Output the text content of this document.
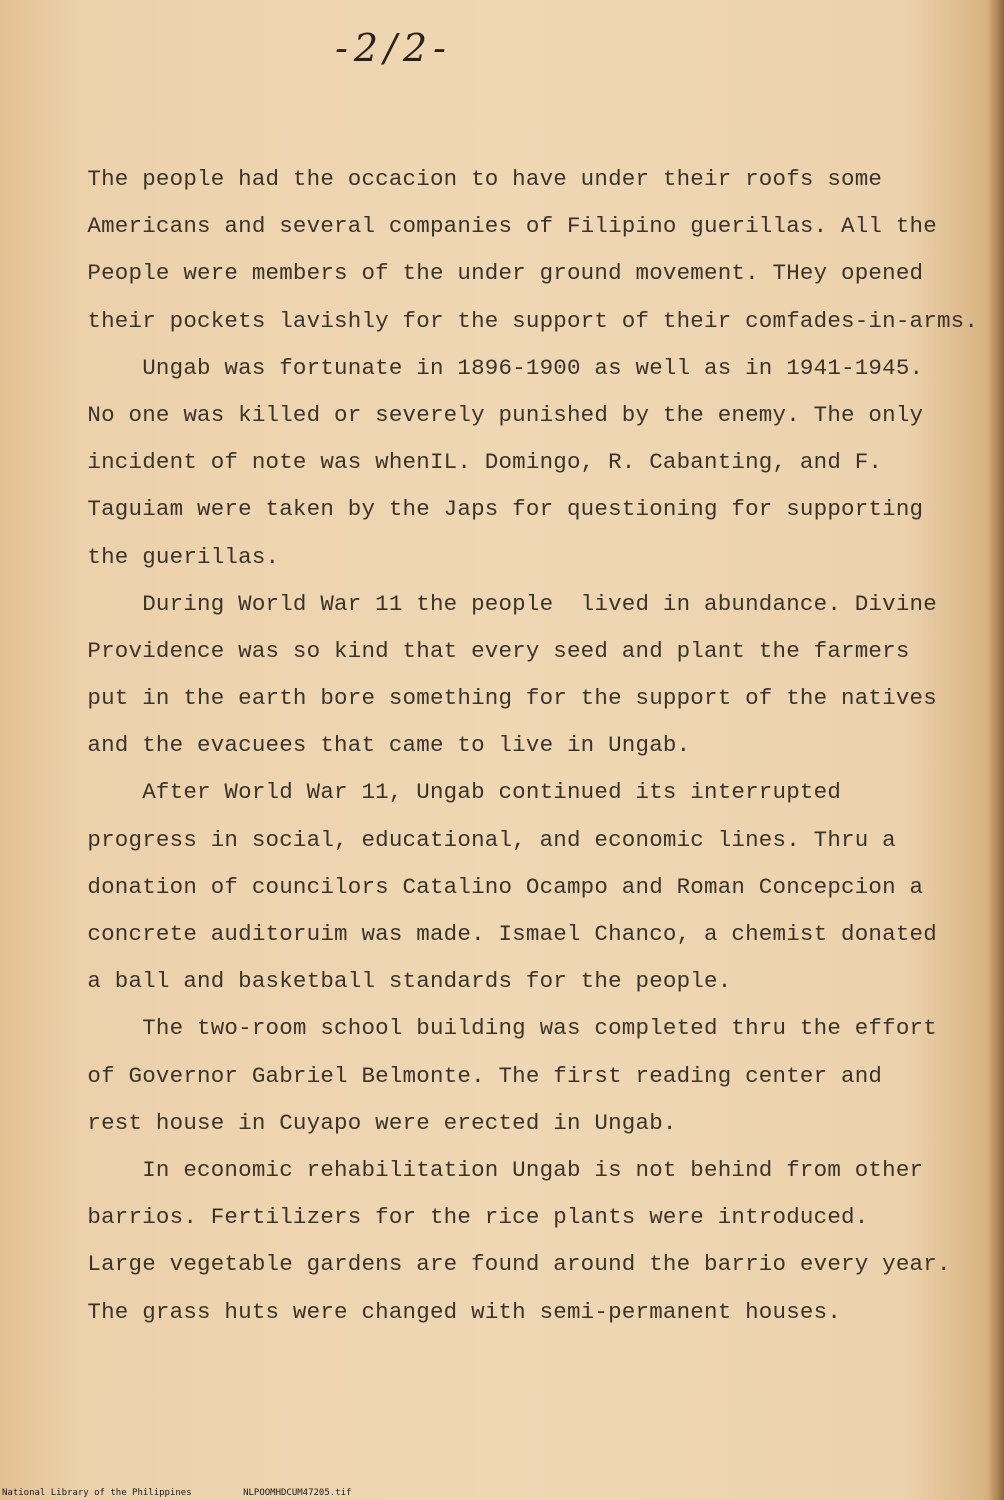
-2/2-
The people had the occacion to have under their roofs some
Americans and several companies of Filipino guerillas. All the
People were members of the under ground movement. THey opened
their pockets lavishly for the support of their comfades-in-arms.
Ungab was fortunate in 1896-1900 as well as in 1941-1945.
No one was killed or severely punished by the enemy. The only
incident of note was whenIL. Domingo, R. Cabanting, and F.
Taguiam were taken by the Japs for questioning for supporting
the guerillas.
During World War 11 the people  lived in abundance. Divine
Providence was so kind that every seed and plant the farmers
put in the earth bore something for the support of the natives
and the evacuees that came to live in Ungab.
After World War 11, Ungab continued its interrupted
progress in social, educational, and economic lines. Thru a
donation of councilors Catalino Ocampo and Roman Concepcion a
concrete auditoruim was made. Ismael Chanco, a chemist donated
a ball and basketball standards for the people.
The two-room school building was completed thru the effort
of Governor Gabriel Belmonte. The first reading center and
rest house in Cuyapo were erected in Ungab.
In economic rehabilitation Ungab is not behind from other
barrios. Fertilizers for the rice plants were introduced.
Large vegetable gardens are found around the barrio every year.
The grass huts were changed with semi-permanent houses.
National Library of the Philippines	NLPOOMHDCUM47205.tif
